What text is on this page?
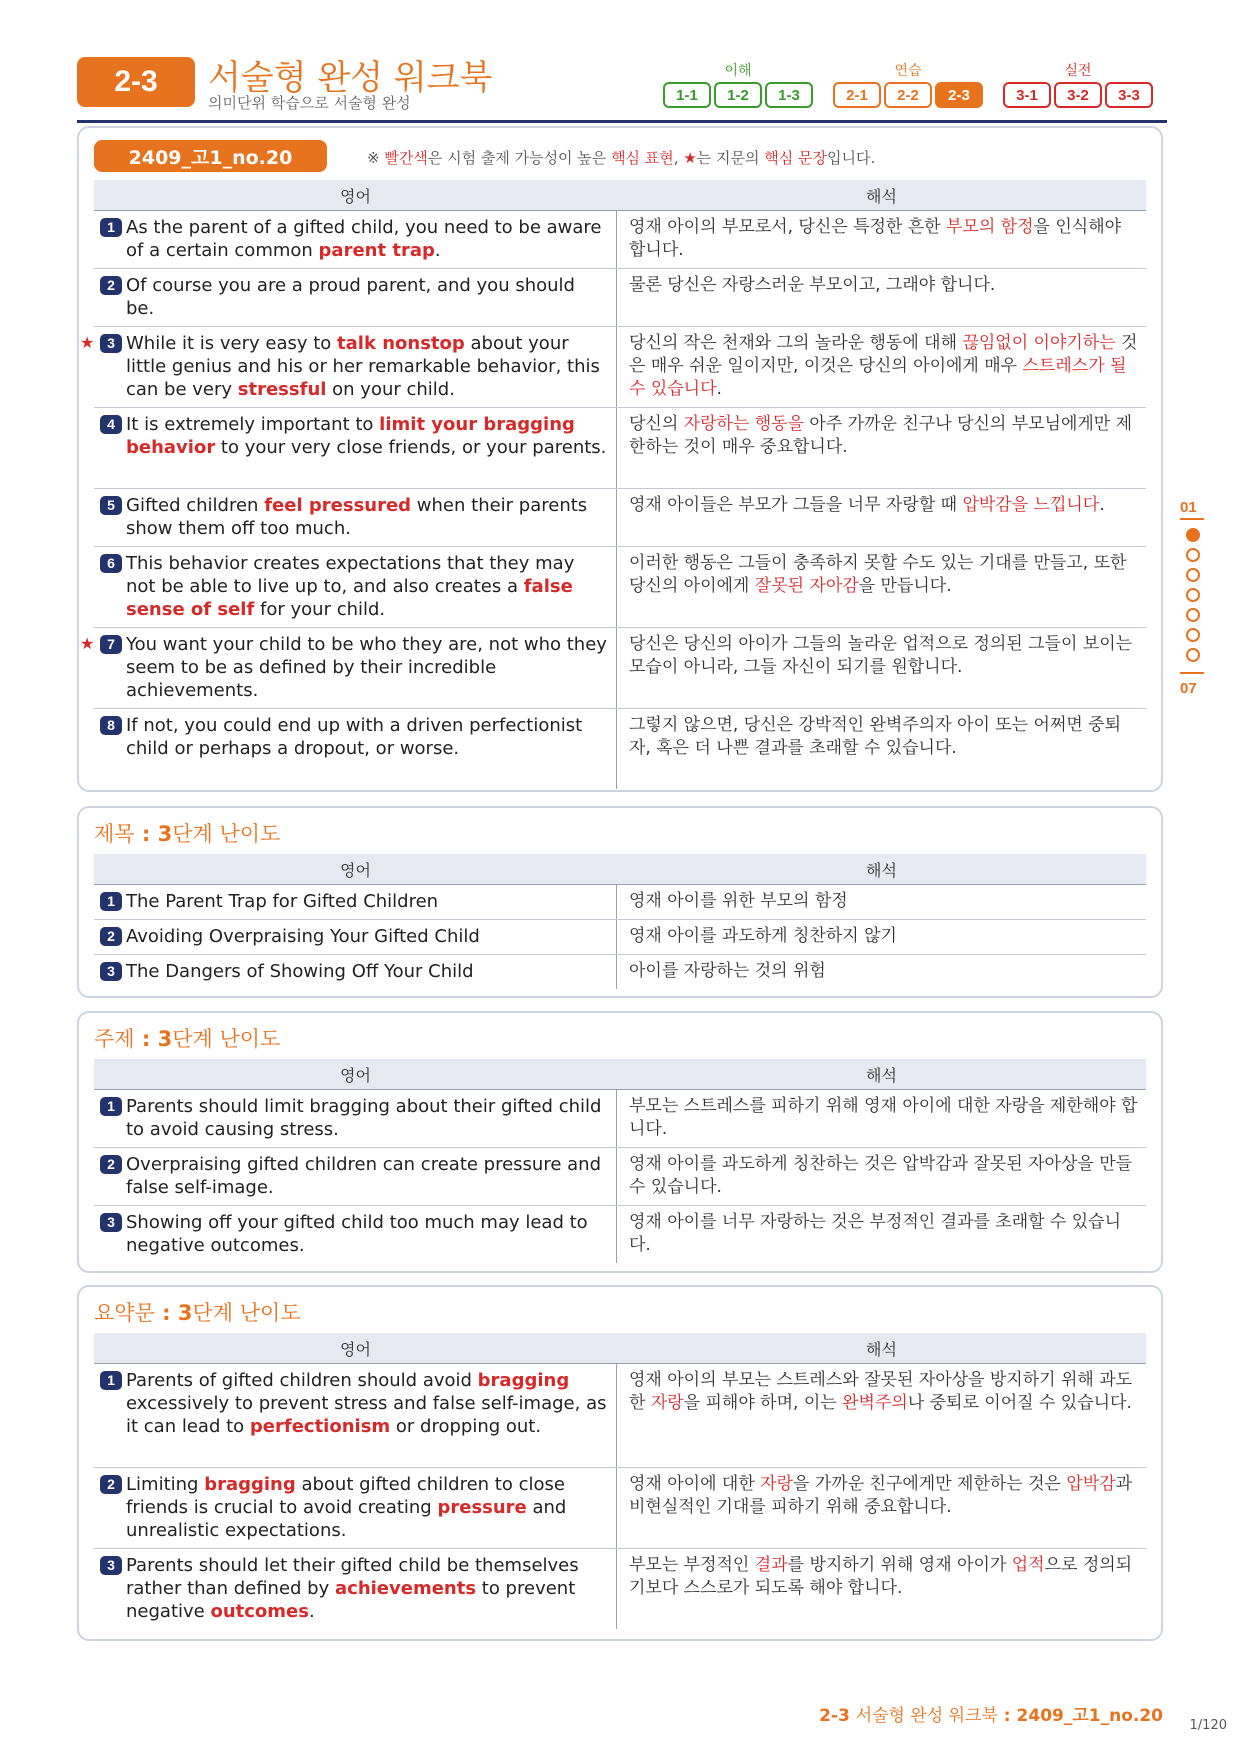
2-3	서술형 완성 워크북
의미단위 학습으로 서술형 완성
이해
1-1	1-2	1-3
연습
2-1	2-2	2-3
실전
3-1	3-2	3-3
2409_고1_no.20	※ 빨간색은 시험 출제 가능성이 높은 핵심 표현, ★는 지문의 핵심 문장입니다.
영어	해석
1 As the parent of a gifted child, you need to be aware of a certain common parent trap.
영재 아이의 부모로서, 당신은 특정한 흔한 부모의 함정을 인식해야 합니다.
2 Of course you are a proud parent, and you should be.
물론 당신은 자랑스러운 부모이고, 그래야 합니다.
★ 3 While it is very easy to talk nonstop about your little genius and his or her remarkable behavior, this can be very stressful on your child.
당신의 작은 천재와 그의 놀라운 행동에 대해 끊임없이 이야기하는 것은 매우 쉬운 일이지만, 이것은 당신의 아이에게 매우 스트레스가 될 수 있습니다.
4 It is extremely important to limit your bragging behavior to your very close friends, or your parents.
당신의 자랑하는 행동을 아주 가까운 친구나 당신의 부모님에게만 제한하는 것이 매우 중요합니다.
5 Gifted children feel pressured when their parents show them off too much.
영재 아이들은 부모가 그들을 너무 자랑할 때 압박감을 느낍니다.
6 This behavior creates expectations that they may not be able to live up to, and also creates a false sense of self for your child.
이러한 행동은 그들이 충족하지 못할 수도 있는 기대를 만들고, 또한 당신의 아이에게 잘못된 자아감을 만듭니다.
★ 7 You want your child to be who they are, not who they seem to be as defined by their incredible achievements.
당신은 당신의 아이가 그들의 놀라운 업적으로 정의된 그들이 보이는 모습이 아니라, 그들 자신이 되기를 원합니다.
8 If not, you could end up with a driven perfectionist child or perhaps a dropout, or worse.
그렇지 않으면, 당신은 강박적인 완벽주의자 아이 또는 어쩌면 중퇴자, 혹은 더 나쁜 결과를 초래할 수 있습니다.
제목 : 3단계 난이도
영어	해석
1 The Parent Trap for Gifted Children	영재 아이를 위한 부모의 함정
2 Avoiding Overpraising Your Gifted Child	영재 아이를 과도하게 칭찬하지 않기
3 The Dangers of Showing Off Your Child	아이를 자랑하는 것의 위험
주제 : 3단계 난이도
영어	해석
1 Parents should limit bragging about their gifted child to avoid causing stress.
부모는 스트레스를 피하기 위해 영재 아이에 대한 자랑을 제한해야 합니다.
2 Overpraising gifted children can create pressure and false self-image.
영재 아이를 과도하게 칭찬하는 것은 압박감과 잘못된 자아상을 만들 수 있습니다.
3 Showing off your gifted child too much may lead to negative outcomes.
영재 아이를 너무 자랑하는 것은 부정적인 결과를 초래할 수 있습니다.
요약문 : 3단계 난이도
영어	해석
1 Parents of gifted children should avoid bragging excessively to prevent stress and false self-image, as it can lead to perfectionism or dropping out.
영재 아이의 부모는 스트레스와 잘못된 자아상을 방지하기 위해 과도한 자랑을 피해야 하며, 이는 완벽주의나 중퇴로 이어질 수 있습니다.
2 Limiting bragging about gifted children to close friends is crucial to avoid creating pressure and unrealistic expectations.
영재 아이에 대한 자랑을 가까운 친구에게만 제한하는 것은 압박감과 비현실적인 기대를 피하기 위해 중요합니다.
3 Parents should let their gifted child be themselves rather than defined by achievements to prevent negative outcomes.
부모는 부정적인 결과를 방지하기 위해 영재 아이가 업적으로 정의되기보다 스스로가 되도록 해야 합니다.
01
07
2-3 서술형 완성 워크북 : 2409_고1_no.20 1/120
